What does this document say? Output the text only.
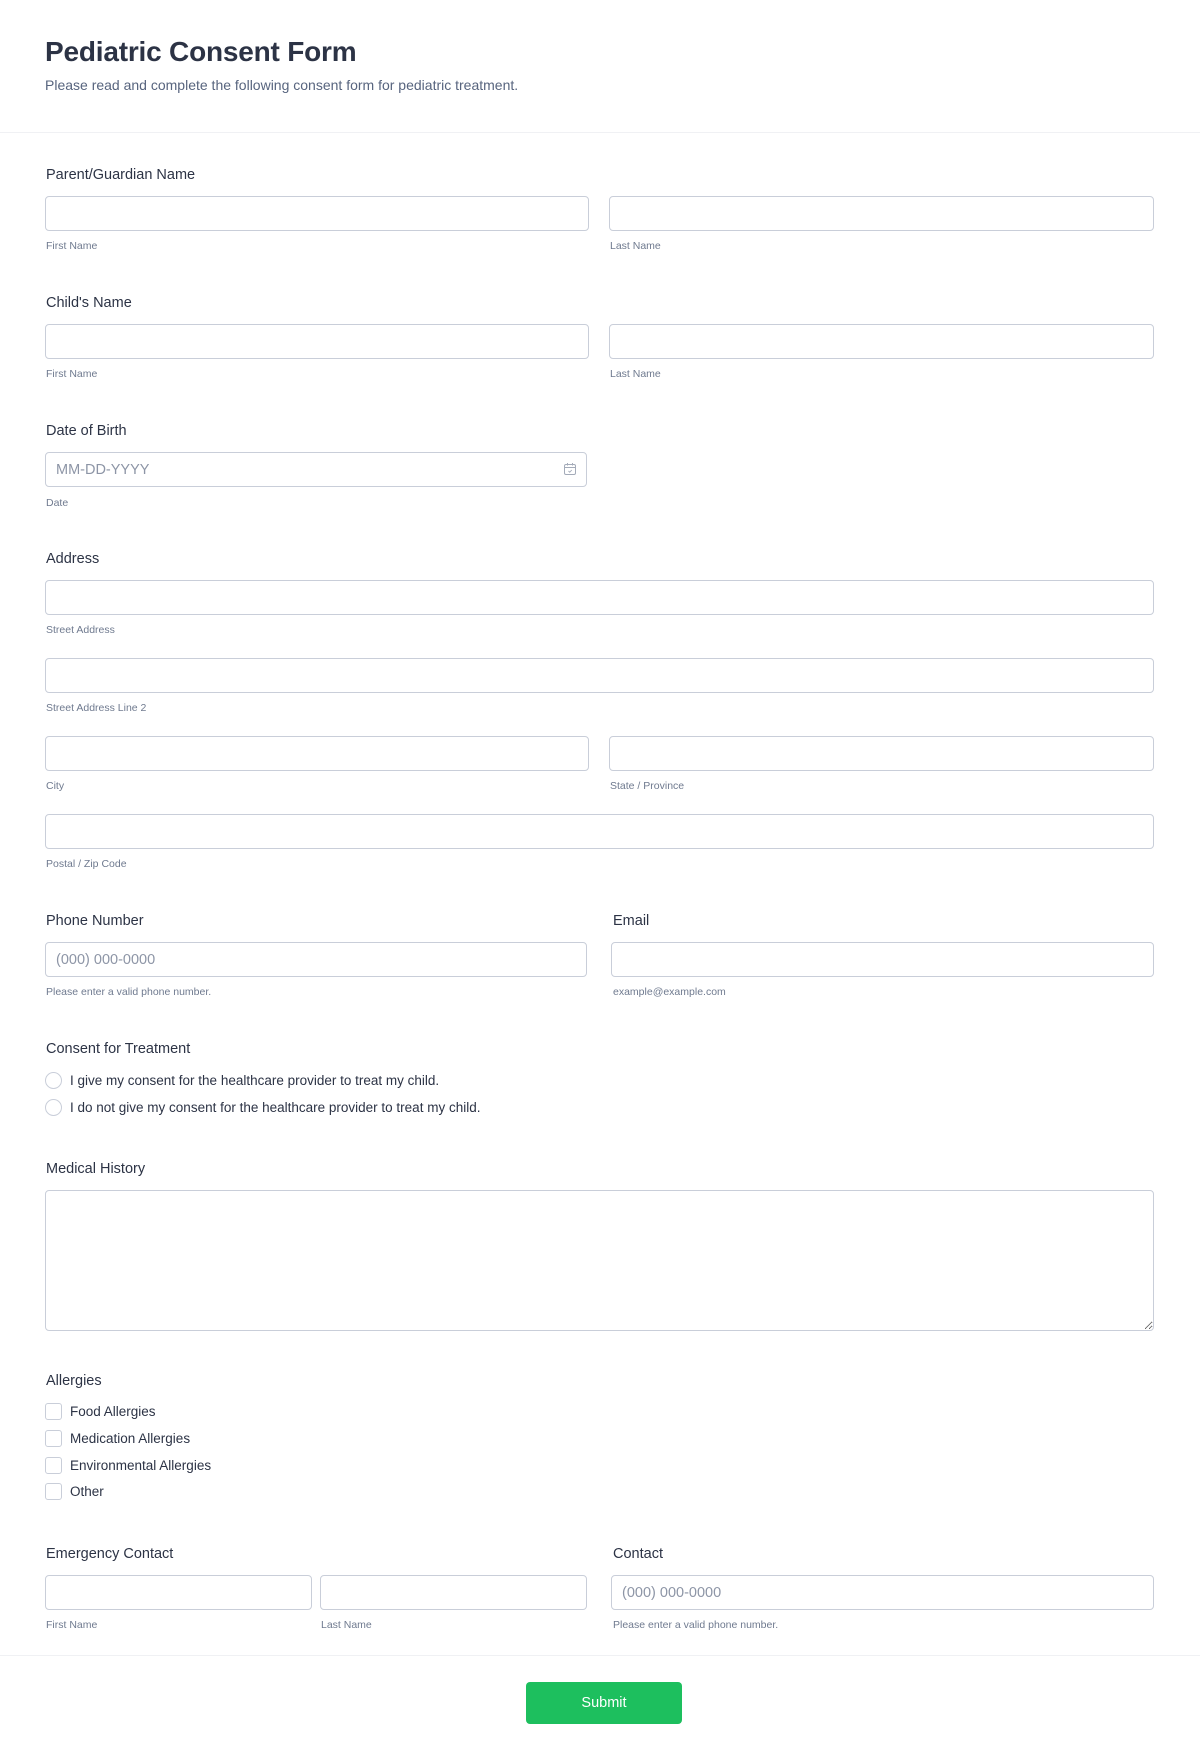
Pediatric Consent Form
Please read and complete the following consent form for pediatric treatment.
Parent/Guardian Name
First Name	Last Name
Child's Name
First Name	Last Name
Date of Birth
MM-DD-YYYY
Date
Address
Street Address
Street Address Line 2
City	State / Province
Postal / Zip Code
Phone Number
(000) 000-0000
Please enter a valid phone number.
Email
example@example.com
Consent for Treatment
I give my consent for the healthcare provider to treat my child.
I do not give my consent for the healthcare provider to treat my child.
Medical History
Allergies
Food Allergies
Medication Allergies
Environmental Allergies
Other
Emergency Contact
First Name	Last Name
Contact
(000) 000-0000
Please enter a valid phone number.
Submit
